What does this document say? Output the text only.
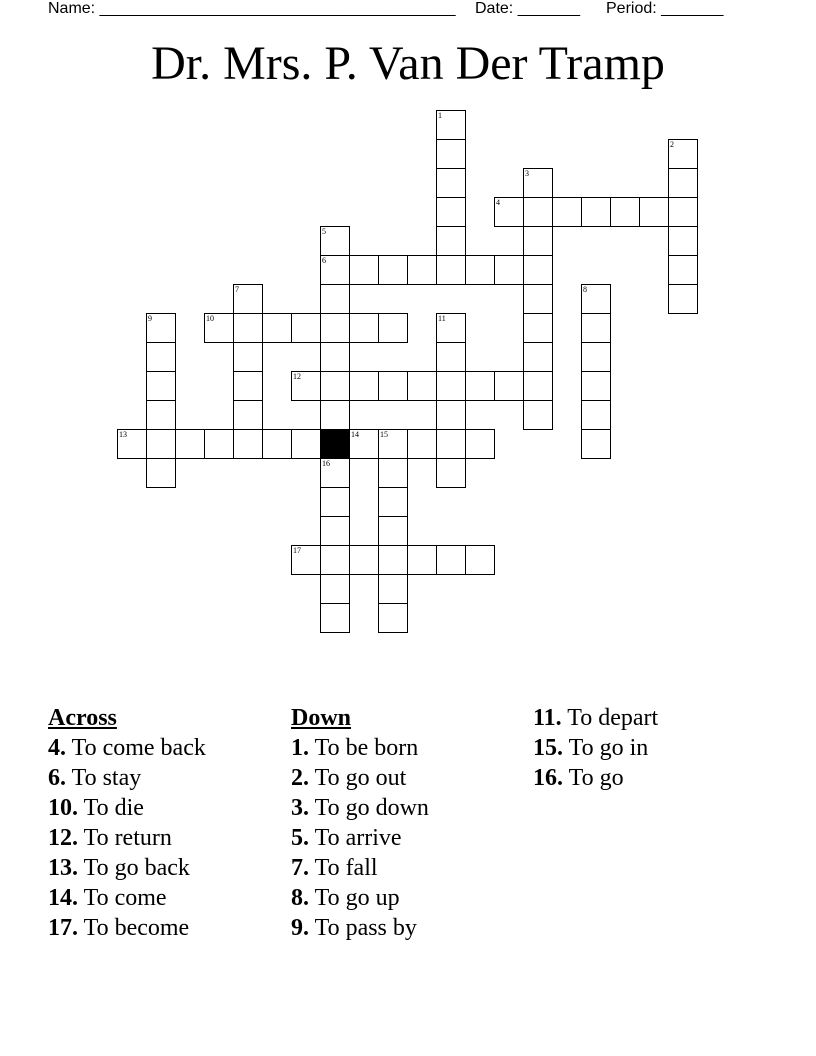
Name: ________________________________________ Date: _______ Period: _______
Dr. Mrs. P. Van Der Tramp
1
2
3
4
5
6
7	8
9	10	11
12
13	14	15
16
17
Across
4. To come back
6. To stay
10. To die
12. To return
13. To go back
14. To come
17. To become
Down
1. To be born
2. To go out
3. To go down
5. To arrive
7. To fall
8. To go up
9. To pass by
11. To depart
15. To go in
16. To go
